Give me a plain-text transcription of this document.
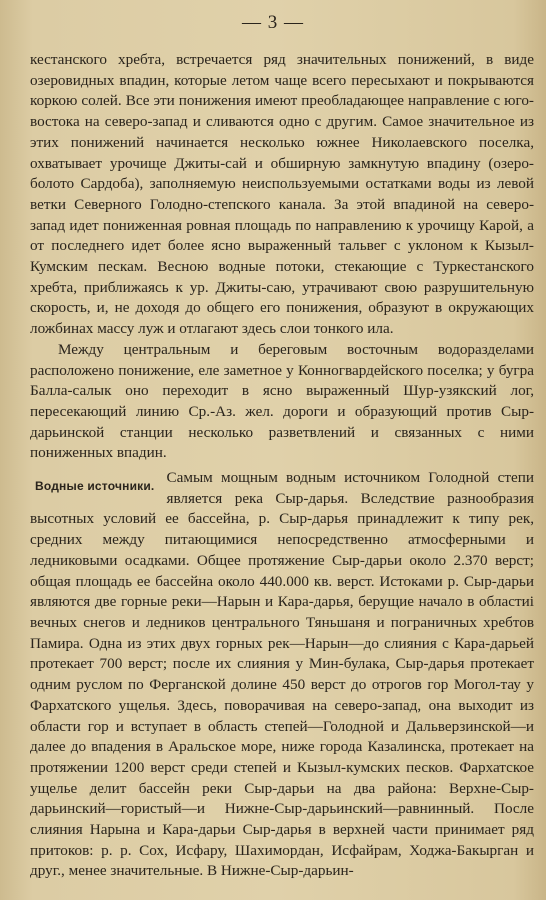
— 3 —

кестанского хребта, встречается ряд значительных понижений, в виде озеровидных впадин, которые летом чаще всего пересыхают и покрываются коркою солей. Все эти понижения имеют преобладающее направление с юго-востока на северо-запад и сливаются одно с другим. Самое значительное из этих понижений начинается несколько южнее Николаевского поселка, охватывает урочище Джиты-сай и обширную замкнутую впадину (озеро-болото Сардоба), заполняемую неиспользуемыми остатками воды из левой ветки Северного Голодно-степского канала. За этой впадиной на северо-запад идет пониженная ровная площадь по направлению к урочищу Карой, а от последнего идет более ясно выраженный тальвег с уклоном к Кызыл-Кумским пескам. Весною водные потоки, стекающие с Туркестанского хребта, приближаясь к ур. Джиты-саю, утрачивают свою разрушительную скорость, и, не доходя до общего его понижения, образуют в окружающих ложбинах массу луж и отлагают здесь слои тонкого ила.

Между центральным и береговым восточным водоразделами расположено понижение, еле заметное у Конногвардейского поселка; у бугра Балла-салык оно переходит в ясно выраженный Шур-узякский лог, пересекающий линию Ср.-Аз. жел. дороги и образующий против Сыр-дарьинской станции несколько разветвлений и связанных с ними пониженных впадин.

Водные источники. Самым мощным водным источником Голодной степи является река Сыр-дарья. Вследствие разнообразия высотных условий ее бассейна, р. Сыр-дарья принадлежит к типу рек, средних между питающимися непосредственно атмосферными и ледниковыми осадками. Общее протяжение Сыр-дарьи около 2.370 верст; общая площадь ее бассейна около 440.000 кв. верст. Истоками р. Сыр-дарьи являются две горные реки—Нарын и Кара-дарья, берущие начало в областиi вечных снегов и ледников центрального Тяньшаня и пограничных хребтов Памира. Одна из этих двух горных рек—Нарын—до слияния с Кара-дарьей протекает 700 верст; после их слияния у Мин-булака, Сыр-дарья протекает одним руслом по Ферганской долине 450 верст до отрогов гор Могол-тау у Фархатского ущелья. Здесь, поворачивая на северо-запад, она выходит из области гор и вступает в область степей—Голодной и Дальверзинской—и далее до впадения в Аральское море, ниже города Казалинска, протекает на протяжении 1200 верст среди степей и Кызыл-кумских песков. Фархатское ущелье делит бассейн реки Сыр-дарьи на два района: Верхне-Сыр-дарьинский—гористый—и Нижне-Сыр-дарьинский—равнинный. После слияния Нарына и Кара-дарьи Сыр-дарья в верхней части принимает ряд притоков: р. р. Сох, Исфару, Шахимордан, Исфайрам, Ходжа-Бакырган и друг., менее значительные. В Нижне-Сыр-дарьин-
